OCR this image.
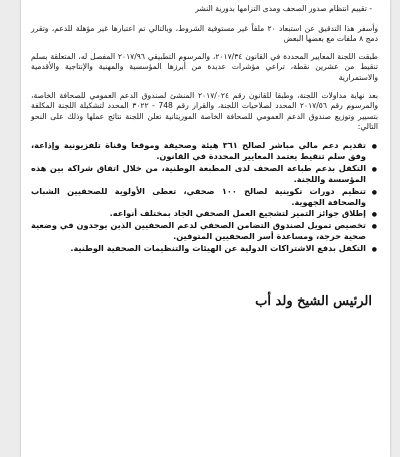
- تقييم انتظام صدور الصحف ومدى التزامها بدورية النشر

وأسفر هذا التدقيق عن استبعاد ٢٠ ملفاً غير مستوفية الشروط، وبالتالي تم اعتبارها غير مؤهلة للدعم، وتقرر دمج ٨ ملفات مع بعضها البعض

طبقت اللجنة المعايير المحددة في القانون ٢٠١٧/٣٤، والمرسوم التطبيقي ٢٠١٧/٩٦ المفصل له، المتعلقة بسلم تنقيط من عشرين نقطة، تراعي مؤشرات عديدة من أبرزها المؤسسية والمهنية والإنتاجية والأقدمية والاستمرارية

بعد نهاية مداولات اللجنة، وطبقا للقانون رقم ٢٠١٧/٠٢٤ المنشئ لصندوق الدعم العمومي للصحافة الخاصة، والمرسوم رقم ٢٠١٧/٥٦ المحدد لصلاحيات اللجنة، والقرار رقم 748 - ٣٠٢٢ المحدد لتشكيلة اللجنة المكلفة بتسيير وتوزيع صندوق الدعم العمومي للصحافة الخاصة الموريتانية تعلن اللجنة نتائج عملها وذلك على النحو التالي:

●
تقديم دعم مالي مباشر لصالح ٣٦١ هيئة وصحيفة وموقعا وقناة تلفزيونية وإذاعة، وفق سلم تنقيط يعتمد المعايير المحددة في القانون.
●
التكفل بدعم طباعة الصحف لدى المطبعة الوطنية، من خلال اتفاق شراكة بين هذه المؤسسة واللجنة.
●
تنظيم دورات تكوينية لصالح ١٠٠ صحفي، تعطى الأولوية للصحفيين الشباب والصحافة الجهوية.
●
إطلاق جوائز التميز لتشجيع العمل الصحفي الجاد بمختلف أنواعه.
●
تخصيص تمويل لصندوق التضامن الصحفي لدعم الصحفيين الذين يوجدون في وضعية صحية حرجة، ومساعدة أسر الصحفيين المتوفين.
●
التكفل بدفع الاشتراكات الدولية عن الهيئات والتنظيمات الصحفية الوطنية.
الرئيس الشيخ ولد أب
